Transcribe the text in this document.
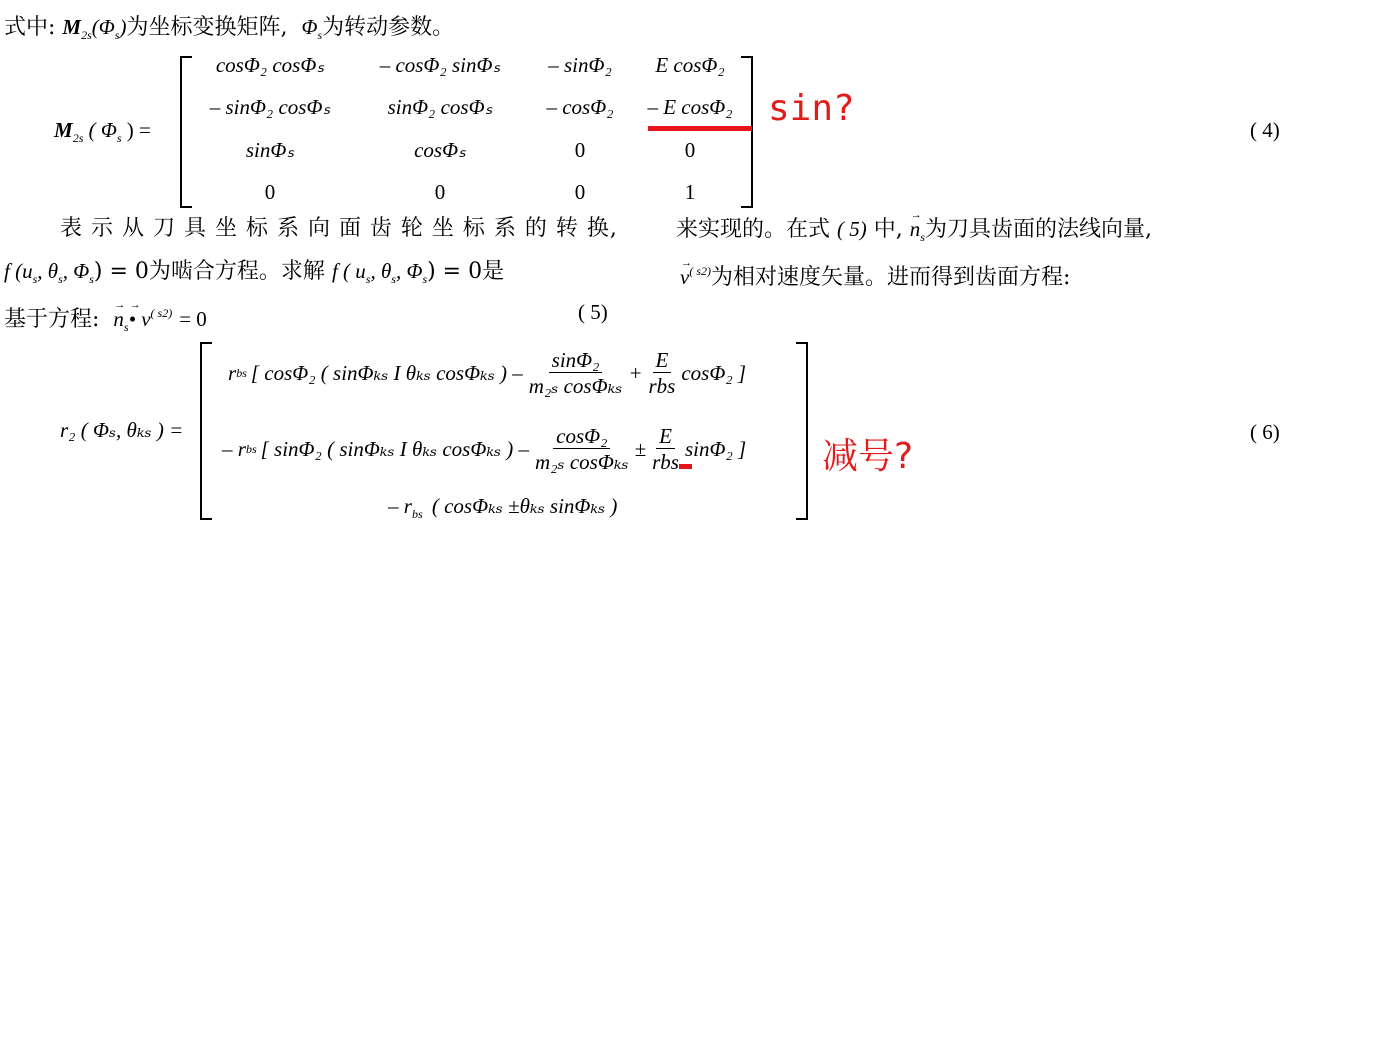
式中: $M_{2s}(\Phi_s)$为坐标变换矩阵, $\Phi_s$为转动参数。
$M_{2s}$ ( $\Phi_s$ ) =
cosΦ₂ cosΦₛ	– cosΦ₂ sinΦₛ	– sinΦ₂	E cosΦ₂
– sinΦ₂ cosΦₛ	sinΦ₂ cosΦₛ	– cosΦ₂	– E cosΦ₂
sinΦₛ	cosΦₛ	0	0
0	0	0	1
sin?
( 4)
表 示 从 刀 具 坐 标 系 向 面 齿 轮 坐 标 系 的 转 换,
f ($u_s$, $\theta_s$, $\Phi_s) = 0$为啮合方程。求解 f ( $u_s$, $\theta_s$, $\Phi_s) = 0$是
基于方程: → $n_s\to$ • $v^{( s2)} = 0$	( 5)
来实现的。在式 ( 5) 中, → $n_s$为刀具齿面的法线向量,
→ $v^{( s2)}$为相对速度矢量。进而得到齿面方程:
r₂ ( Φₛ, θₖₛ ) =
r bs [ cosΦ₂ ( sinΦₖₛ I θₖₛ cosΦₖₛ ) – $\frac{\text{sinΦ₂}}{\text{m₂ₛ cosΦₖₛ}} + \frac{E}{\text{rbs}} \cos\Phi_2$ ]
– r bs [ sinΦ₂ ( sinΦₖₛ I θₖₛ cosΦₖₛ ) – $\frac{\text{cosΦ₂}}{\text{m₂ₛ cosΦₖₛ}} \pm \frac{E}{\text{rbs}} \sin\Phi_2$ ]
– $r_{bs}$ ( cosΦₖₛ ±θₖₛ sinΦₖₛ )
减号?
( 6)
